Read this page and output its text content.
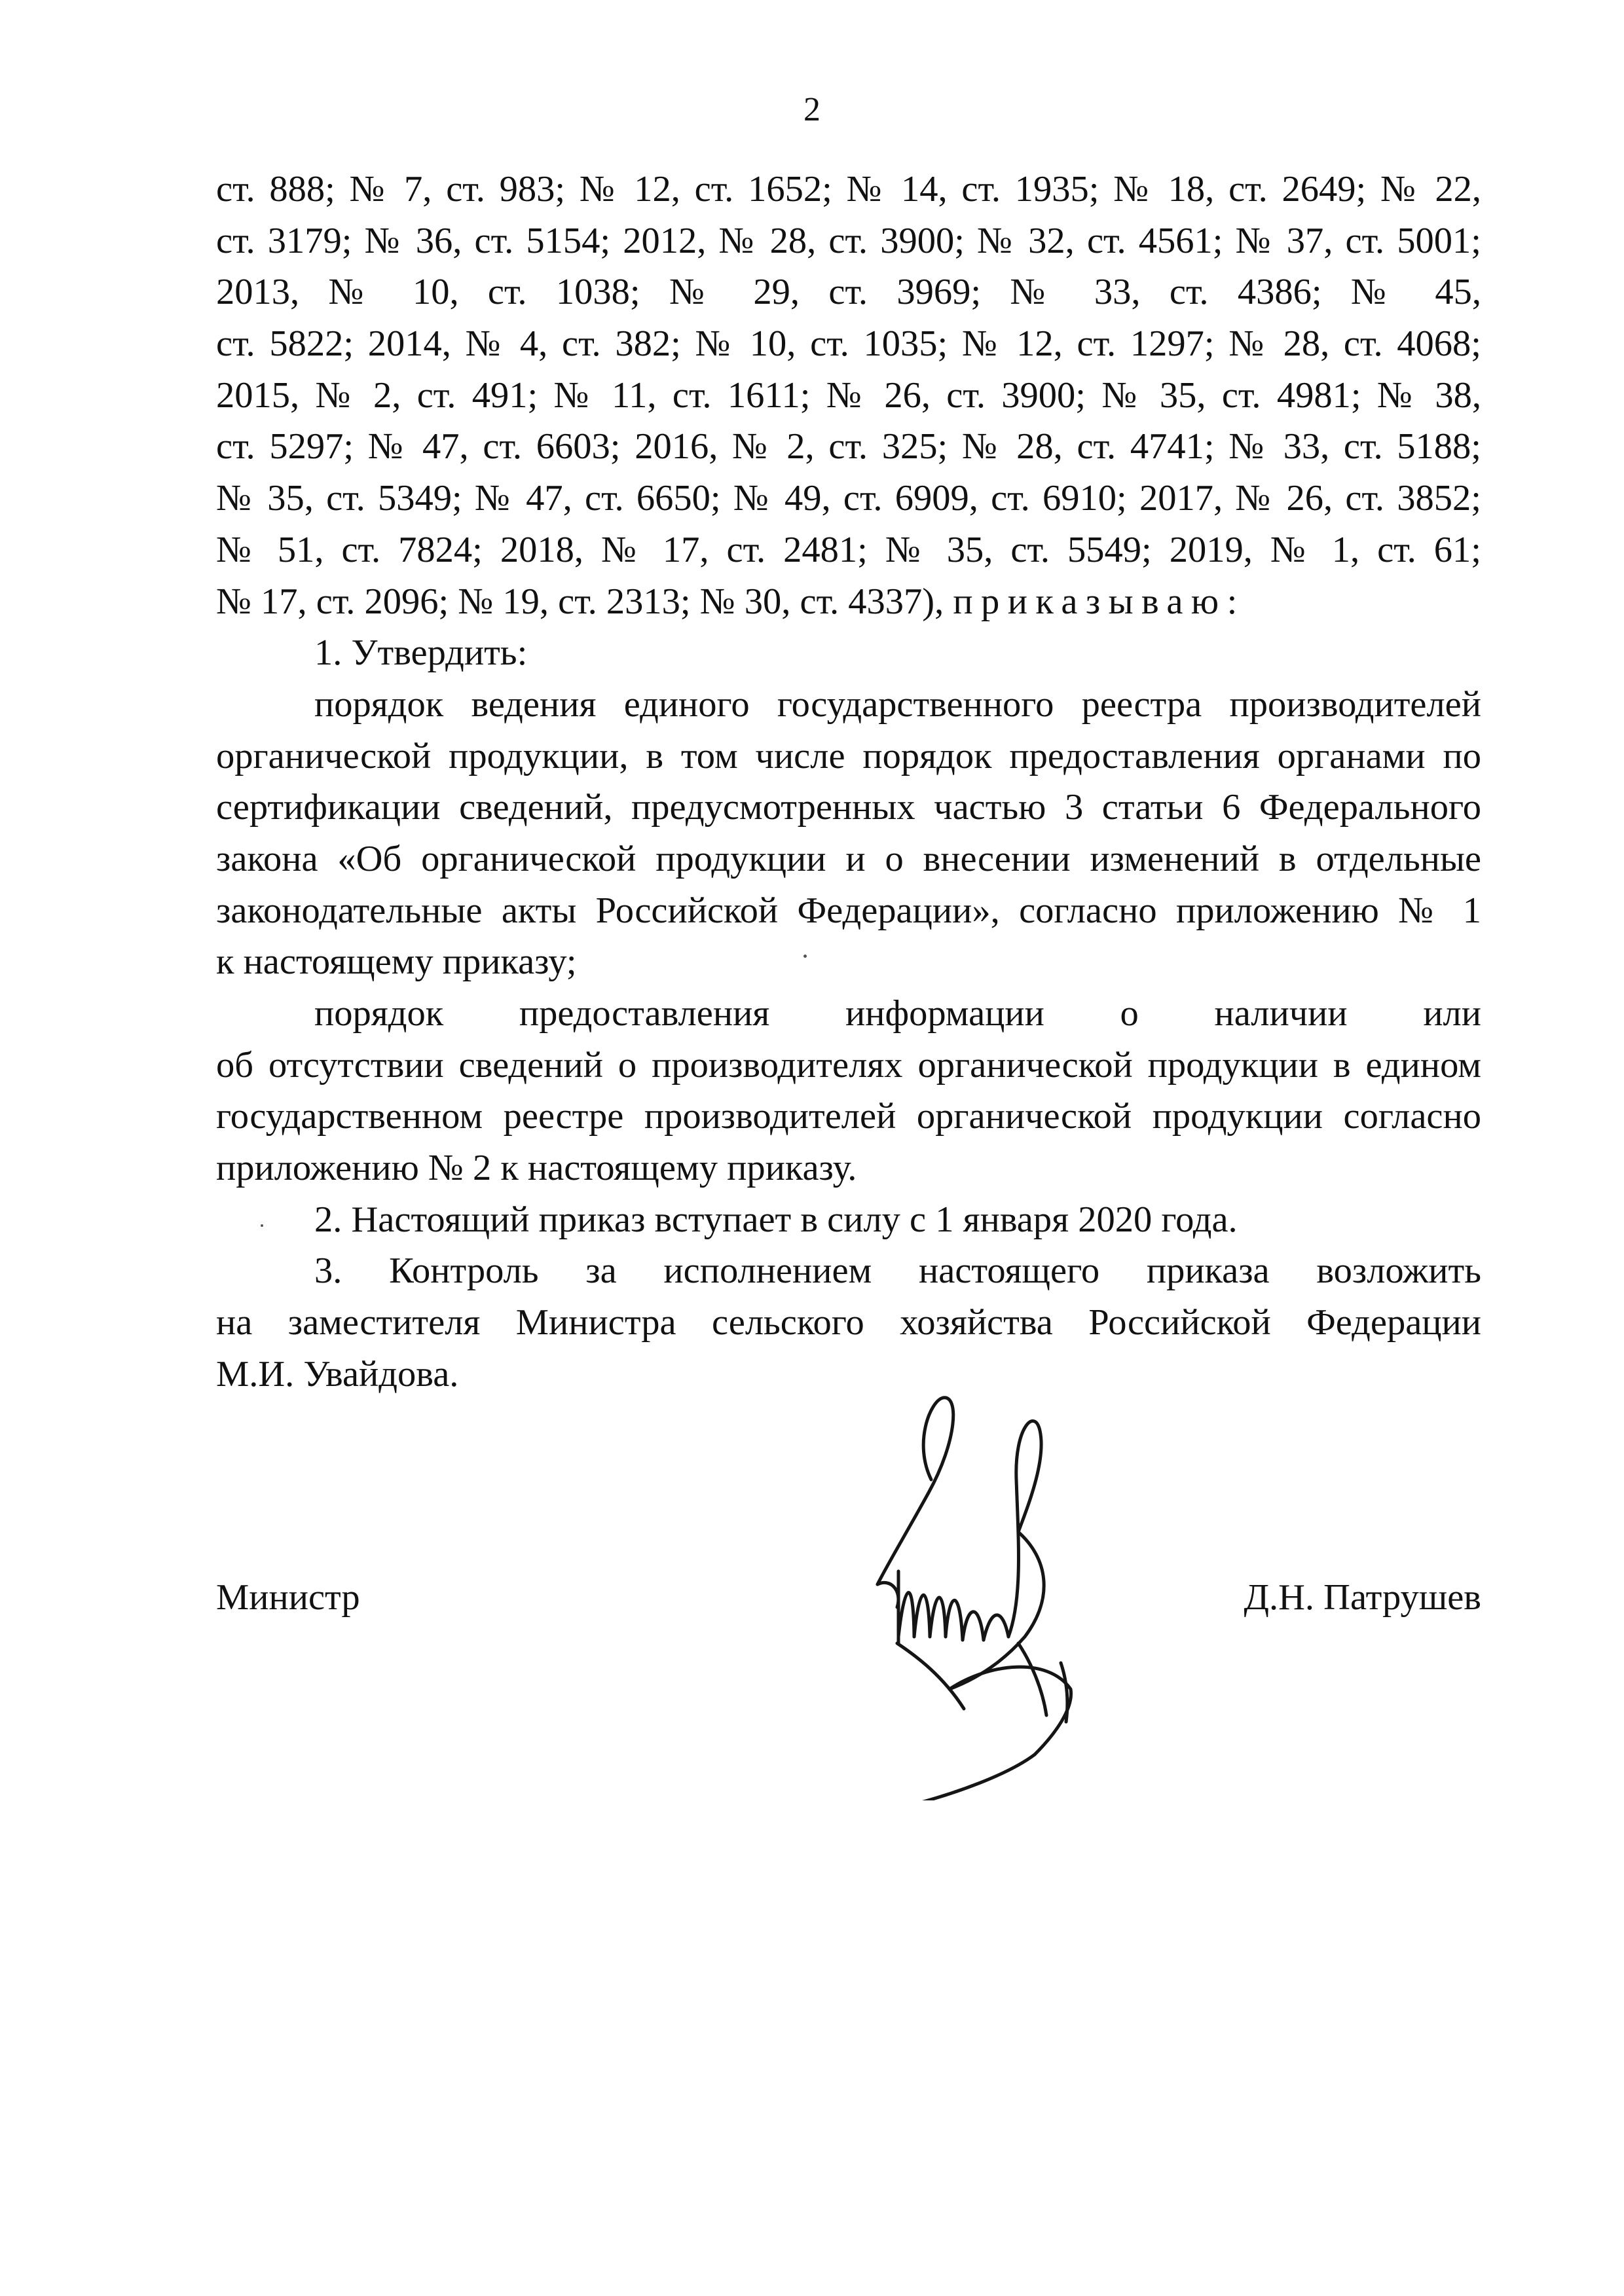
2
ст. 888; № 7, ст. 983; № 12, ст. 1652; № 14, ст. 1935; № 18, ст. 2649; № 22,
ст. 3179; № 36, ст. 5154; 2012, № 28, ст. 3900; № 32, ст. 4561; № 37, ст. 5001;
2013, № 10, ст. 1038; № 29, ст. 3969; № 33, ст. 4386; № 45,
ст. 5822; 2014, № 4, ст. 382; № 10, ст. 1035; № 12, ст. 1297; № 28, ст. 4068;
2015, № 2, ст. 491; № 11, ст. 1611; № 26, ст. 3900; № 35, ст. 4981; № 38,
ст. 5297; № 47, ст. 6603; 2016, № 2, ст. 325; № 28, ст. 4741; № 33, ст. 5188;
№ 35, ст. 5349; № 47, ст. 6650; № 49, ст. 6909, ст. 6910; 2017, № 26, ст. 3852;
№ 51, ст. 7824; 2018, № 17, ст. 2481; № 35, ст. 5549; 2019, № 1, ст. 61;
№ 17, ст. 2096; № 19, ст. 2313; № 30, ст. 4337), приказываю:
1. Утвердить:
порядок ведения единого государственного реестра производителей
органической продукции, в том числе порядок предоставления органами по
сертификации сведений, предусмотренных частью 3 статьи 6 Федерального
закона «Об органической продукции и о внесении изменений в отдельные
законодательные акты Российской Федерации», согласно приложению № 1
к настоящему приказу;
порядок предоставления информации о наличии или
об отсутствии сведений о производителях органической продукции в едином
государственном реестре производителей органической продукции согласно
приложению № 2 к настоящему приказу.
2. Настоящий приказ вступает в силу с 1 января 2020 года.
3. Контроль за исполнением настоящего приказа возложить
на заместителя Министра сельского хозяйства Российской Федерации
М.И. Увайдова.
Министр	Д.Н. Патрушев
